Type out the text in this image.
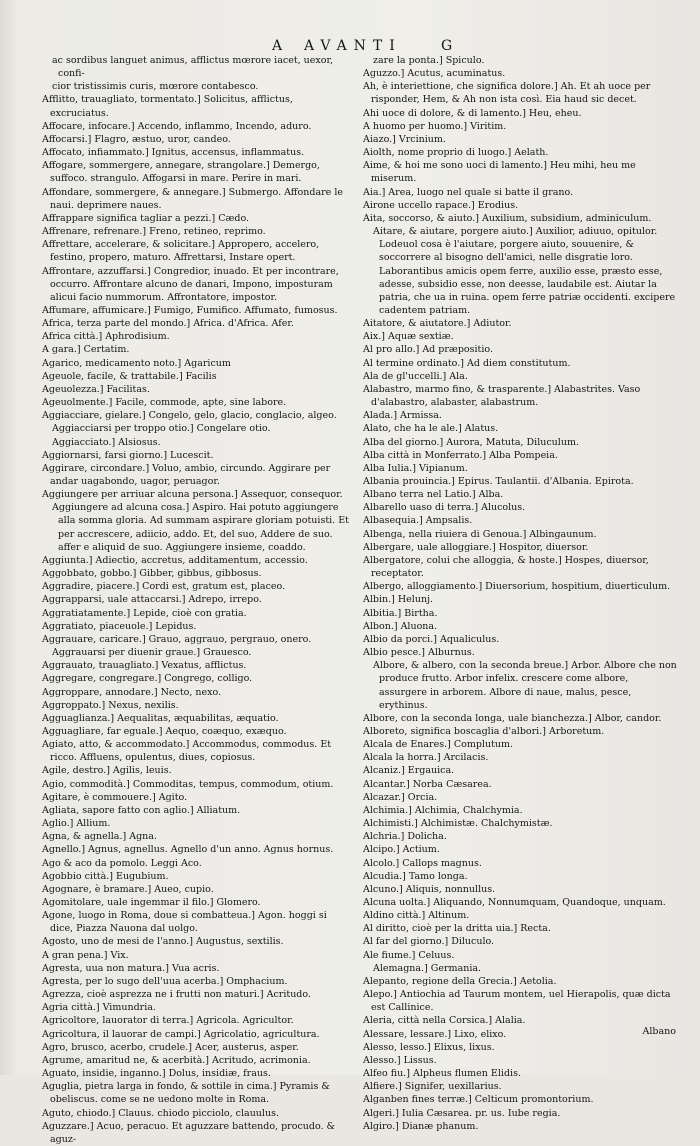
A AVANTI	G

ac sordibus languet animus, afflictus mœrore iacet, uexor, confi-

cior tristissimis curis, mœrore contabesco.

Afflitto, trauagliato, tormentato.] Solicitus, afflictus, excruciatus.

Affocare, infocare.] Accendo, inflammo, Incendo, aduro.

Affocarsi.] Flagro, æstuo, uror, candeo.

Affocato, infiammato.] Ignitus, accensus, inflammatus.

Affogare, sommergere, annegare, strangolare.] Demergo, suffoco. strangulo. Affogarsi in mare. Perire in mari.

Affondare, sommergere, & annegare.] Submergo. Affondare le naui. deprimere naues.

Affrappare significa tagliar a pezzi.] Cædo.

Affrenare, refrenare.] Freno, retineo, reprimo.

Affrettare, accelerare, & solicitare.] Appropero, accelero, festino, propero, maturo. Affrettarsi, Instare opert.

Affrontare, azzuffarsi.] Congredior, inuado. Et per incontrare, occurro. Affrontare alcuno de danari, Impono, imposturam alicui facio nummorum. Affrontatore, impostor.

Affumare, affumicare.] Fumigo, Fumifico. Affumato, fumosus.

Africa, terza parte del mondo.] Africa. d'Africa. Afer.

Africa città.] Aphrodisium.

A gara.] Certatim.

Agarico, medicamento noto.] Agaricum

Ageuole, facile, & trattabile.] Facilis

Ageuolezza.] Facilitas.

Ageuolmente.] Facile, commode, apte, sine labore.

Aggiacciare, gielare.] Congelo, gelo, glacio, conglacio, algeo.

Aggiacciarsi per troppo otio.] Congelare otio.

Aggiacciato.] Alsiosus.

Aggiornarsi, farsi giorno.] Lucescit.

Aggirare, circondare.] Voluo, ambio, circundo. Aggirare per andar uagabondo, uagor, peruagor.

Aggiungere per arriuar alcuna persona.] Assequor, consequor.

Aggiungere ad alcuna cosa.] Aspiro. Hai potuto aggiungere alla somma gloria. Ad summam aspirare gloriam potuisti. Et per accrescere, adiicio, addo. Et, del suo, Addere de suo. affer e aliquid de suo. Aggiungere insieme, coaddo.

Aggiunta.] Adiectio, accretus, additamentum, accessio.

Aggobbato, gobbo.] Gibber, gibbus, gibbosus.

Aggradire, piacere.] Cordi est, gratum est, placeo.

Aggrapparsi, uale attaccarsi.] Adrepo, irrepo.

Aggratiatamente.] Lepide, cioè con gratia.

Aggratiato, piaceuole.] Lepidus.

Aggrauare, caricare.] Grauo, aggrauo, pergrauo, onero.

Aggrauarsi per diuenir graue.] Grauesco.

Aggrauato, trauagliato.] Vexatus, afflictus.

Aggregare, congregare.] Congrego, colligo.

Aggroppare, annodare.] Necto, nexo.

Aggroppato.] Nexus, nexilis.

Agguaglianza.] Aequalitas, æquabilitas, æquatio.

Agguagliare, far eguale.] Aequo, coæquo, exæquo.

Agiato, atto, & accommodato.] Accommodus, commodus. Et ricco. Affluens, opulentus, diues, copiosus.

Agile, destro.] Agilis, leuis.

Agio, commodità.] Commoditas, tempus, commodum, otium.

Agitare, è commouere.] Agito.

Agliata, sapore fatto con aglio.] Alliatum.

Aglio.] Allium.

Agna, & agnella.] Agna.

Agnello.] Agnus, agnellus. Agnello d'un anno. Agnus hornus.

Ago & aco da pomolo. Leggi Aco.

Agobbio città.] Eugubium.

Agognare, è bramare.] Aueo, cupio.

Agomitolare, uale ingemmar il filo.] Glomero.

Agone, luogo in Roma, doue si combatteua.] Agon. hoggi si dice, Piazza Nauona dal uolgo.

Agosto, uno de mesi de l'anno.] Augustus, sextilis.

A gran pena.] Vix.

Agresta, uua non matura.] Vua acris.

Agresta, per lo sugo dell'uua acerba.] Omphacium.

Agrezza, cioè asprezza ne i frutti non maturi.] Acritudo.

Agria città.] Vimundria.

Agricoltore, lauorator di terra.] Agricola. Agricultor.

Agricoltura, il lauorar de campi.] Agricolatio, agricultura.

Agro, brusco, acerbo, crudele.] Acer, austerus, asper.

Agrume, amaritud ne, & acerbità.] Acritudo, acrimonia.

Aguato, insidie, inganno.] Dolus, insidiæ, fraus.

Aguglia, pietra larga in fondo, & sottile in cima.] Pyramis & obeliscus. come se ne uedono molte in Roma.

Aguto, chiodo.] Clauus. chiodo picciolo, clauulus.

Aguzzare.] Acuo, peracuo. Et aguzzare battendo, procudo. & aguz-

zare la ponta.] Spiculo.

Aguzzo.] Acutus, acuminatus.

Ah, è interiettione, che significa dolore.] Ah. Et ah uoce per risponder, Hem, & Ah non ista così. Eia haud sic decet.

Ahi uoce di dolore, & di lamento.] Heu, eheu.

A huomo per huomo.] Viritim.

Aiazo.] Vrcinium.

Aiolth, nome proprio di luogo.] Aelath.

Aime, & hoi me sono uoci di lamento.] Heu mihi, heu me miserum.

Aia.] Area, luogo nel quale si batte il grano.

Airone uccello rapace.] Erodius.

Aita, soccorso, & aiuto.] Auxilium, subsidium, adminiculum.

Aitare, & aiutare, porgere aiuto.] Auxilior, adiuuo, opitulor. Lodeuol cosa è l'aiutare, porgere aiuto, souuenire, & soccorrere al bisogno dell'amici, nelle disgratie loro. Laborantibus amicis opem ferre, auxilio esse, præsto esse, adesse, subsidio esse, non deesse, laudabile est. Aiutar la patria, che ua in ruina. opem ferre patriæ occidenti. excipere cadentem patriam.

Aitatore, & aiutatore.] Adiutor.

Aix.] Aquæ sextiæ.

Al pro allo.] Ad præpositio.

Al termine ordinato.] Ad diem constitutum.

Ala de gl'uccelli.] Ala.

Alabastro, marmo fino, & trasparente.] Alabastrites. Vaso d'alabastro, alabaster, alabastrum.

Alada.] Armissa.

Alato, che ha le ale.] Alatus.

Alba del giorno.] Aurora, Matuta, Diluculum.

Alba città in Monferrato.] Alba Pompeia.

Alba Iulia.] Vipianum.

Albania prouincia.] Epirus. Taulantii. d'Albania. Epirota.

Albano terra nel Latio.] Alba.

Albarello uaso di terra.] Alucolus.

Albasequia.] Ampsalis.

Albenga, nella riuiera di Genoua.] Albingaunum.

Albergare, uale alloggiare.] Hospitor, diuersor.

Albergatore, colui che alloggia, & hoste.] Hospes, diuersor, receptator.

Albergo, alloggiamento.] Diuersorium, hospitium, diuerticulum.

Albin.] Helunj.

Albitia.] Birtha.

Albon.] Aluona.

Albio da porci.] Aqualiculus.

Albio pesce.] Alburnus.

Albore, & albero, con la seconda breue.] Arbor. Albore che non produce frutto. Arbor infelix. crescere come albore, assurgere in arborem. Albore di naue, malus, pesce, erythinus.

Albore, con la seconda longa, uale bianchezza.] Albor, candor.

Alboreto, significa boscaglia d'albori.] Arboretum.

Alcala de Enares.] Complutum.

Alcala la horra.] Arcilacis.

Alcaniz.] Ergauica.

Alcantar.] Norba Cæsarea.

Alcazar.] Orcia.

Alchimia.] Alchimia, Chalchymia.

Alchimisti.] Alchimistæ. Chalchymistæ.

Alchria.] Dolicha.

Alcipo.] Actium.

Alcolo.] Callops magnus.

Alcudia.] Tamo longa.

Alcuno.] Aliquis, nonnullus.

Alcuna uolta.] Aliquando, Nonnumquam, Quandoque, unquam.

Aldino città.] Altinum.

Al diritto, cioè per la dritta uia.] Recta.

Al far del giorno.] Diluculo.

Ale fiume.] Celuus.

Alemagna.] Germania.

Alepanto, regione della Grecia.] Aetolia.

Alepo.] Antiochia ad Taurum montem, uel Hierapolis, quæ dicta est Callinice.

Aleria, città nella Corsica.] Alalia.

Alessare, lessare.] Lixo, elixo.

Alesso, lesso.] Elixus, lixus.

Alesso.] Lissus.

Alfeo fiu.] Alpheus flumen Elidis.

Alfiere.] Signifer, uexillarius.

Alganben fines terræ.] Celticum promontorium.

Algeri.] Iulia Cæsarea. pr. us. Iube regia.

Algiro.] Dianæ phanum.

Albano
